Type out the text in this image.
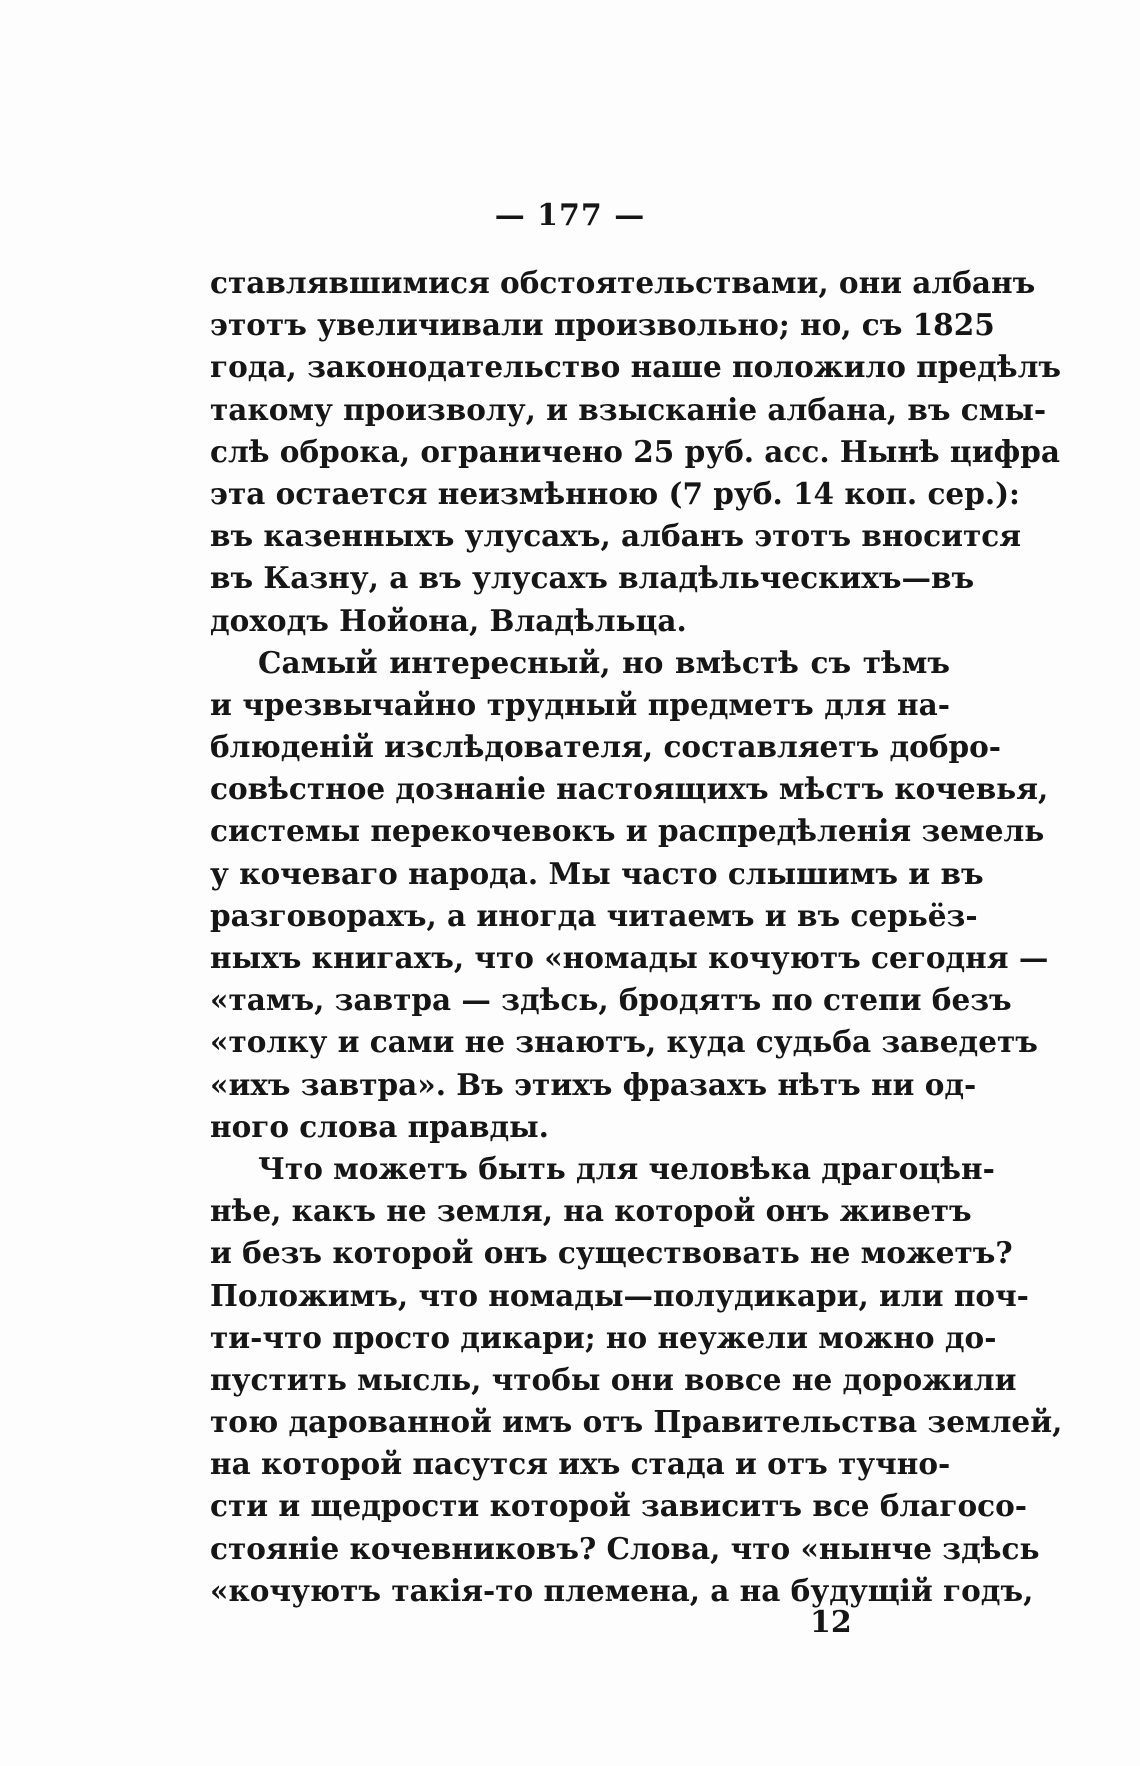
— 177 —
ставлявшимися обстоятельствами, они албанъ
этотъ увеличивали произвольно; но, съ 1825
года, законодательство наше положило предѣлъ
такому произволу, и взысканіе албана, въ смы-
слѣ оброка, ограничено 25 руб. асс. Нынѣ цифра
эта остается неизмѣнною (7 руб. 14 коп. сер.):
въ казенныхъ улусахъ, албанъ этотъ вносится
въ Казну, а въ улусахъ владѣльческихъ—въ
доходъ Нойона, Владѣльца.
Самый интересный, но вмѣстѣ съ тѣмъ
и чрезвычайно трудный предметъ для на-
блюденій изслѣдователя, составляетъ добро-
совѣстное дознаніе настоящихъ мѣстъ кочевья,
системы перекочевокъ и распредѣленія земель
у кочеваго народа. Мы часто слышимъ и въ
разговорахъ, а иногда читаемъ и въ серьёз-
ныхъ книгахъ, что «номады кочуютъ сегодня —
«тамъ, завтра — здѣсь, бродятъ по степи безъ
«толку и сами не знаютъ, куда судьба заведетъ
«ихъ завтра». Въ этихъ фразахъ нѣтъ ни од-
ного слова правды.
Что можетъ быть для человѣка драгоцѣн-
нѣе, какъ не земля, на которой онъ живетъ
и безъ которой онъ существовать не можетъ?
Положимъ, что номады—полудикари, или поч-
ти-что просто дикари; но неужели можно до-
пустить мысль, чтобы они вовсе не дорожили
тою дарованной имъ отъ Правительства землей,
на которой пасутся ихъ стада и отъ тучно-
сти и щедрости которой зависитъ все благосо-
стояніе кочевниковъ? Слова, что «нынче здѣсь
«кочуютъ такія-то племена, а на будущій годъ,
12
